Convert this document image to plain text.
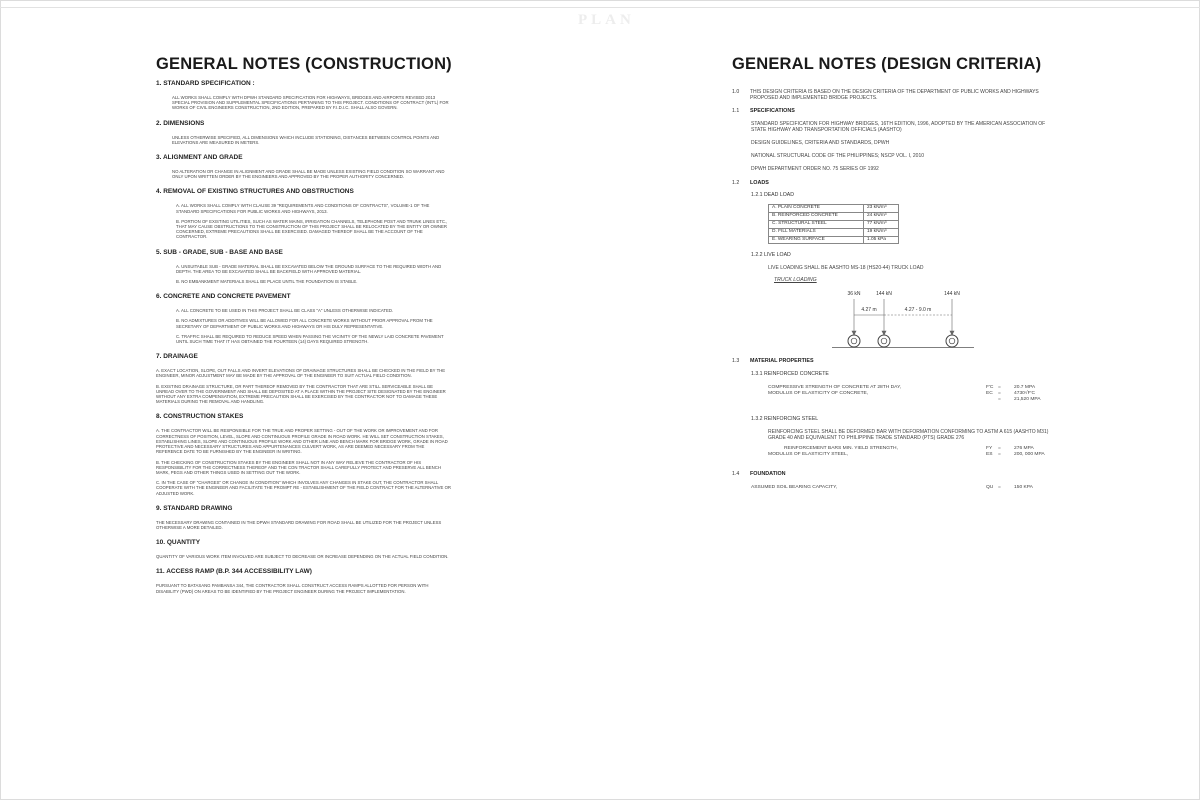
PLAN
GENERAL NOTES (CONSTRUCTION)
1. STANDARD SPECIFICATION :

ALL WORKS SHALL COMPLY WITH DPWH STANDARD SPECIFICATION FOR HIGHWAYS, BRIDGES AND AIRPORTS REVISED 2013 SPECIAL PROVISION AND SUPPLEMENTAL SPECIFICATIONS PERTAINING TO THIS PROJECT. CONDITIONS OF CONTRACT (INT'L) FOR WORKS OF CIVIL ENGINEERS CONSTRUCTION, 2ND EDITION, PREPARED BY F.I.D.I.C. SHALL ALSO GOVERN.

2. DIMENSIONS

UNLESS OTHERWISE SPECIFIED, ALL DIMENSIONS WHICH INCLUDE STATIONING, DISTANCES BETWEEN CONTROL POINTS AND ELEVATIONS ARE MEASURED IN METERS.

3. ALIGNMENT AND GRADE

NO ALTERATION OR CHANGE IN ALIGNMENT AND GRADE SHALL BE MADE UNLESS EXISTING FIELD CONDITION SO WARRANT AND ONLY UPON WRITTEN ORDER BY THE ENGINEERS AND APPROVED BY THE PROPER AUTHORITY CONCERNED.

4. REMOVAL OF EXISTING STRUCTURES AND OBSTRUCTIONS

A. ALL WORKS SHALL COMPLY WITH CLAUSE 39 "REQUIREMENTS AND CONDITIONS OF CONTRACTS", VOLUME-1 OF THE STANDARD SPECIFICATIONS FOR PUBLIC WORKS AND HIGHWAYS, 2013.

B. PORTION OF EXISTING UTILITIES, SUCH AS WATER MAINS, IRRIGATION CHANNELS, TELEPHONE POST AND TRUNK LINES ETC., THAT MAY CAUSE OBSTRUCTIONS TO THE CONSTRUCTION OF THIS PROJECT SHALL BE RELOCATED BY THE ENTITY OR OWNER CONCERNED, EXTREME PRECAUTIONS SHALL BE EXERCISED. DAMAGED THEREOF SHALL BE THE ACCOUNT OF THE CONTRACTOR.

5. SUB - GRADE, SUB - BASE AND BASE

A. UNSUITABLE SUB - GRADE MATERIAL SHALL BE EXCAVATED BELOW THE GROUND SURFACE TO THE REQUIRED WIDTH AND DEPTH. THE AREA TO BE EXCAVATED SHALL BE BACKFIELD WITH APPROVED MATERIAL.

B. NO EMBANKMENT MATERIALS SHALL BE PLACE UNTIL THE FOUNDATION IS STABLE.

6. CONCRETE AND CONCRETE PAVEMENT

A. ALL CONCRETE TO BE USED IN THIS PROJECT SHALL BE CLASS "A" UNLESS OTHERWISE INDICATED.

B. NO ADMIXTURES OR ADDITIVES WILL BE ALLOWED FOR ALL CONCRETE WORKS WITHOUT PRIOR APPROVAL FROM THE SECRETARY OF DEPARTMENT OF PUBLIC WORKS AND HIGHWAYS OR HIS DULY REPRESENTATIVE.

C. TRAFFIC SHALL BE REQUIRED TO REDUCE SPEED WHEN PASSING THE VICINITY OF THE NEWLY LAID CONCRETE PAVEMENT UNTIL SUCH TIME THAT IT HAS OBTAINED THE FOURTEEN (14) DAYS REQUIRED STRENGTH.

7. DRAINAGE

A. EXACT LOCATION, SLOPE, OUT FALLS AND INVERT ELEVATIONS OF DRAINAGE STRUCTURES SHALL BE CHECKED IN THE FIELD BY THE ENGINEER, MINOR ADJUSTMENT MAY BE MADE BY THE APPROVAL OF THE ENGINEER TO SUIT ACTUAL FIELD CONDITION.

B. EXISTING DRAINAGE STRUCTURE, OR PART THEREOF REMOVED BY THE CONTRACTOR THAT ARE STILL SERVICEABLE SHALL BE UNREAD OVER TO THE GOVERNMENT AND SHALL BE DEPOSITED AT A PLACE WITHIN THE PROJECT SITE DESIGNATED BY THE ENGINEER WITHOUT ANY EXTRA COMPENSATION, EXTREME PRECAUTION SHALL BE EXERCISED BY THE CONTRACTOR NOT TO DAMAGE THESE MATERIALS DURING THE REMOVAL AND HANDLING.

8. CONSTRUCTION STAKES

A. THE CONTRACTOR WILL BE RESPONSIBLE FOR THE TRUE AND PROPER SETTING - OUT OF THE WORK OR IMPROVEMENT AND FOR CORRECTNESS OF POSITION, LEVEL, SLOPE AND CONTINUOUS PROFILE GRADE IN ROAD WORK. HE WILL SET CONSTRUCTION STAKES, ESTABLISHING LINES, SLOPE AND CONTINUOUS PROFILE WORK AND OTHER LINE AND BENCH MARK FOR BRIDGE WORK, GRADE IN ROAD PROTECTIVE AND NECESSARY STRUCTURES AND APPURTENANCES CULVERT WORK, AS ARE DEEMED NECESSARY FROM THE REFERENCE DATE TO BE FURNISHED BY THE ENGINEER IN WRITING.

B. THE CHECKING OF CONSTRUCTION STAKES BY THE ENGINEER SHALL NOT IN ANY WAY RELIEVE THE CONTRACTOR OF HIS RESPONSIBILITY FOR THE CORRECTNESS THEREOF AND THE CON TRACTOR SHALL CAREFULLY PROTECT AND PRESERVE ALL BENCH MARK, PEGS AND OTHER THINGS USED IN SETTING OUT THE WORK.

C. IN THE CASE OF "CHARGES" OR CHANGE IN CONDITION" WHICH INVOLVES ANY CHANGES IN STAKE OUT, THE CONTRACTOR SHALL COOPERATE WITH THE ENGINEER AND FACILITATE THE PROMPT RE - ESTABLISHMENT OF THE FIELD CONTRACT FOR THE ALTERNATIVE OR ADJUSTED WORK.

9. STANDARD DRAWING

THE NECESSARY DRAWING CONTAINED IN THE DPWH STANDARD DRAWING FOR ROAD SHALL BE UTILIZED FOR THE PROJECT UNLESS OTHERWISE A MORE DETAILED.

10. QUANTITY

QUANTITY OF VARIOUS WORK ITEM INVOLVED ARE SUBJECT TO DECREASE OR INCREASE DEPENDING ON THE ACTUAL FIELD CONDITION.

11. ACCESS RAMP (B.P. 344 ACCESSIBILITY LAW)

PURSUANT TO BATASANG PAMBANSA 344, THE CONTRACTOR SHALL CONSTRUCT ACCESS RAMPS ALLOTTED FOR PERSON WITH DISABILITY (PWD) ON AREAS TO BE IDENTIFIED BY THE PROJECT ENGINEER DURING THE PROJECT IMPLEMENTATION.

GENERAL NOTES (DESIGN CRITERIA)
1.0	THIS DESIGN CRITERIA IS BASED ON THE DESIGN CRITERIA OF THE DEPARTMENT OF PUBLIC WORKS AND HIGHWAYS PROPOSED AND IMPLEMENTED BRIDGE PROJECTS.
1.1	SPECIFICATIONS
STANDARD SPECIFICATION FOR HIGHWAY BRIDGES, 16TH EDITION, 1996, ADOPTED BY THE AMERICAN ASSOCIATION OF STATE HIGHWAY AND TRANSPORTATION OFFICIALS (AASHTO)
DESIGN GUIDELINES, CRITERIA AND STANDARDS, DPWH
NATIONAL STRUCTURAL CODE OF THE PHILIPPINES; NSCP VOL. I, 2010
DPWH DEPARTMENT ORDER NO. 75 SERIES OF 1992
1.2	LOADS
1.2.1 DEAD LOAD
A. PLAIN CONCRETE	23 kN/m³
B. REINFORCED CONCRETE	24 kN/m³
C. STRUCTURAL STEEL	77 kN/m³
D. FILL MATERIALS	19 kN/m³
E. WEARING SURFACE	1.05 kPa
1.2.2 LIVE LOAD
LIVE LOADING SHALL BE AASHTO MS-18 (HS20-44) TRUCK LOAD
TRUCK LOADING
36 kN	144 kN	144 kN
4.27 m	4.27 - 9.0 m
1.3	MATERIAL PROPERTIES
1.3.1 REINFORCED CONCRETE
COMPRESSIVE STRENGTH OF CONCRETE AT 28TH DAY,	F'C =	20.7 MPA
MODULUS OF ELASTICITY OF CONCRETE,	EC	=	4730√F'C
=	21,520 MPA
1.3.2 REINFORCING STEEL
REINFORCING STEEL SHALL BE DEFORMED BAR WITH DEFORMATION CONFORMING TO ASTM A 615 (AASHTO M31) GRADE 40 AND EQUIVALENT TO PHILIPPINE TRADE STANDARD (PTS) GRADE 276
REINFORCEMENT BARS MIN. YIELD STRENGTH,	FY	=	276 MPA
MODULUS OF ELASTICITY STEEL,	ES	=	200, 000 MPA
1.4	FOUNDATION
ASSUMED SOIL BEARING CAPACITY,	QU =	150 KPA
